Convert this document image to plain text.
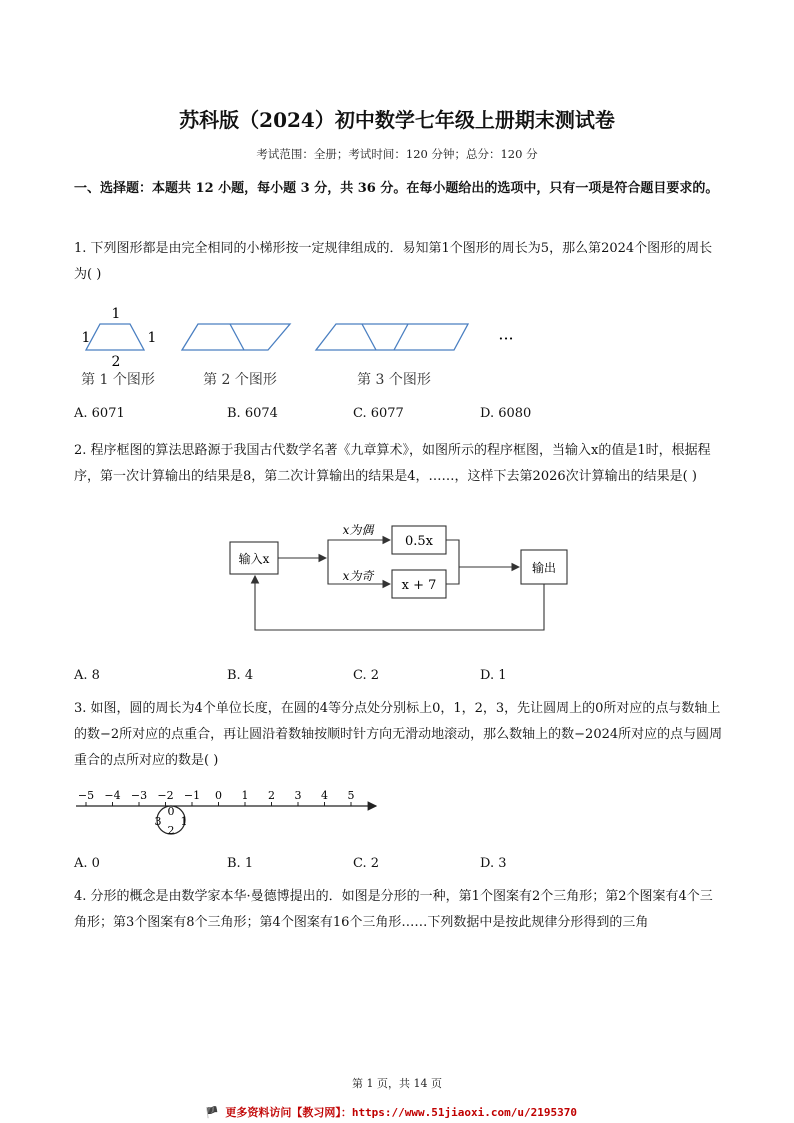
苏科版（2024）初中数学七年级上册期末测试卷
考试范围：全册；考试时间：120 分钟；总分：120 分
一、选择题：本题共 12 小题，每小题 3 分，共 36 分。在每小题给出的选项中，只有一项是符合题目要求的。
1. 下列图形都是由完全相同的小梯形按一定规律组成的．易知第1个图形的周长为5，那么第2024个图形的周长为( )
1
1	1
2
···
第 1 个图形	第 2 个图形	第 3 个图形
A. 6071	B. 6074	C. 6077	D. 6080
2. 程序框图的算法思路源于我国古代数学名著《九章算术》，如图所示的程序框图，当输入x的值是1时，根据程序，第一次计算输出的结果是8，第二次计算输出的结果是4，……，这样下去第2026次计算输出的结果是( )
输入x
x为偶
x为奇
0.5x
x + 7
输出
A. 8	B. 4	C. 2	D. 1
3. 如图，圆的周长为4个单位长度，在圆的4等分点处分别标上0，1，2，3，先让圆周上的0所对应的点与数轴上的数−2所对应的点重合，再让圆沿着数轴按顺时针方向无滑动地滚动，那么数轴上的数−2024所对应的点与圆周重合的点所对应的数是( )
−5 −4 −3 −2 −1 0 1 2 3 4 5
0
3 1
2
A. 0	B. 1	C. 2	D. 3
4. 分形的概念是由数学家本华·曼德博提出的．如图是分形的一种，第1个图案有2个三角形；第2个图案有4个三角形；第3个图案有8个三角形；第4个图案有16个三角形……下列数据中是按此规律分形得到的三角
第 1 页，共 14 页
🏴 更多资料访问【教习网】：https://www.51jiaoxi.com/u/2195370
